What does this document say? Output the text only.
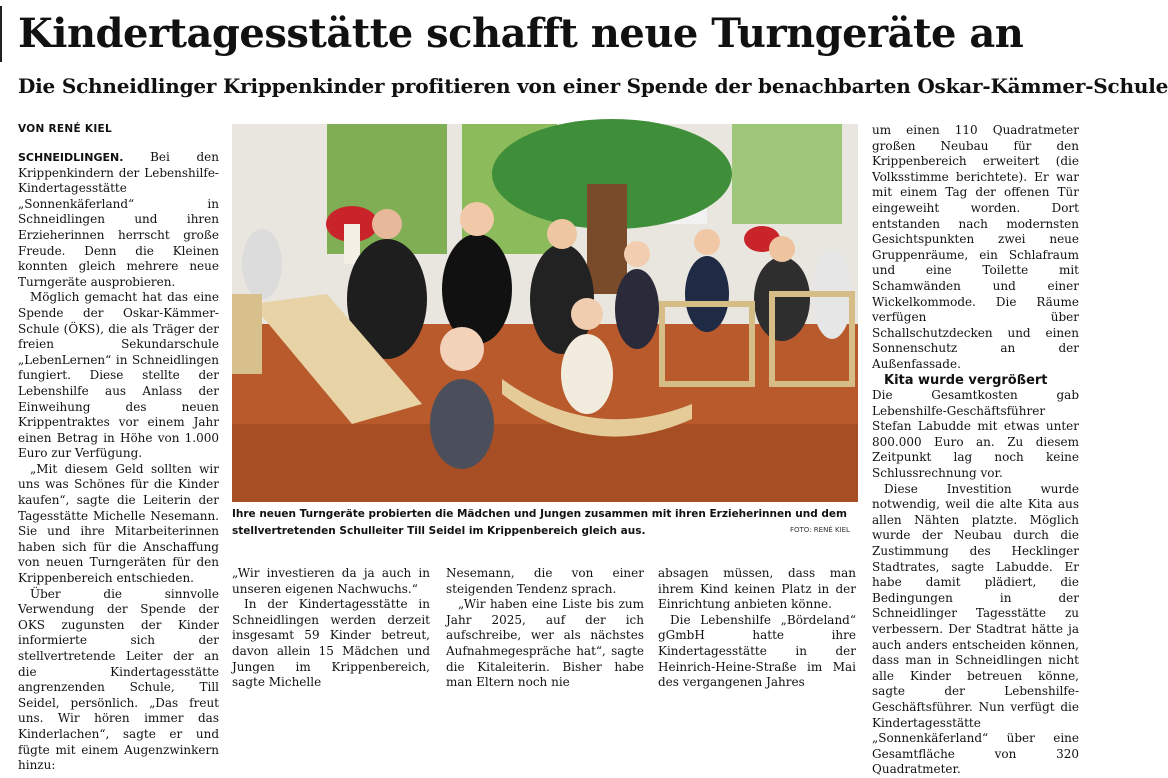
Kindertagesstätte schafft neue Turngeräte an
Die Schneidlinger Krippenkinder profitieren von einer Spende der benachbarten Oskar-Kämmer-Schule
VON RENÉ KIEL

SCHNEIDLINGEN. Bei den Krippenkindern der Lebenshilfe-Kindertagesstätte „Sonnenkäferland“ in Schneidlingen und ihren Erzieherinnen herrscht große Freude. Denn die Kleinen konnten gleich mehrere neue Turngeräte ausprobieren.

Möglich gemacht hat das eine Spende der Oskar-Kämmer-Schule (ÖKS), die als Träger der freien Sekundarschule „LebenLernen“ in Schneidlingen fungiert. Diese stellte der Lebenshilfe aus Anlass der Einweihung des neuen Krippentraktes vor einem Jahr einen Betrag in Höhe von 1.000 Euro zur Verfügung.

„Mit diesem Geld sollten wir uns was Schönes für die Kinder kaufen“, sagte die Leiterin der Tagesstätte Michelle Nesemann. Sie und ihre Mitarbeiterinnen haben sich für die Anschaffung von neuen Turngeräten für den Krippenbereich entschieden.

Über die sinnvolle Verwendung der Spende der OKS zugunsten der Kinder informierte sich der stellvertretende Leiter der an die Kindertagesstätte angrenzenden Schule, Till Seidel, persönlich. „Das freut uns. Wir hören immer das Kinderlachen“, sagte er und fügte mit einem Augenzwinkern hinzu:

Ihre neuen Turngeräte probierten die Mädchen und Jungen zusammen mit ihren Erzieherinnen und dem stellvertretenden Schulleiter Till Seidel im Krippenbereich gleich aus.	FOTO: RENÉ KIEL

„Wir investieren da ja auch in unseren eigenen Nachwuchs.“

In der Kindertagesstätte in Schneidlingen werden derzeit insgesamt 59 Kinder betreut, davon allein 15 Mädchen und Jungen im Krippenbereich, sagte Michelle

Nesemann, die von einer steigenden Tendenz sprach.

„Wir haben eine Liste bis zum Jahr 2025, auf der ich aufschreibe, wer als nächstes Aufnahmegespräche hat“, sagte die Kitaleiterin. Bisher habe man Eltern noch nie

absagen müssen, dass man ihrem Kind keinen Platz in der Einrichtung anbieten könne.

Die Lebenshilfe „Bördeland“ gGmbH hatte ihre Kindertagesstätte in der Heinrich-Heine-Straße im Mai des vergangenen Jahres

um einen 110 Quadratmeter großen Neubau für den Krippenbereich erweitert (die Volksstimme berichtete). Er war mit einem Tag der offenen Tür eingeweiht worden. Dort entstanden nach modernsten Gesichtspunkten zwei neue Gruppenräume, ein Schlafraum und eine Toilette mit Schamwänden und einer Wickelkommode. Die Räume verfügen über Schallschutzdecken und einen Sonnenschutz an der Außenfassade.

Kita wurde vergrößert

Die Gesamtkosten gab Lebenshilfe-Geschäftsführer Stefan Labudde mit etwas unter 800.000 Euro an. Zu diesem Zeitpunkt lag noch keine Schlussrechnung vor.

Diese Investition wurde notwendig, weil die alte Kita aus allen Nähten platzte. Möglich wurde der Neubau durch die Zustimmung des Hecklinger Stadtrates, sagte Labudde. Er habe damit plädiert, die Bedingungen in der Schneidlinger Tagesstätte zu verbessern. Der Stadtrat hätte ja auch anders entscheiden können, dass man in Schneidlingen nicht alle Kinder betreuen könne, sagte der Lebenshilfe-Geschäftsführer. Nun verfügt die Kindertagesstätte „Sonnenkäferland“ über eine Gesamtfläche von 320 Quadratmeter.
